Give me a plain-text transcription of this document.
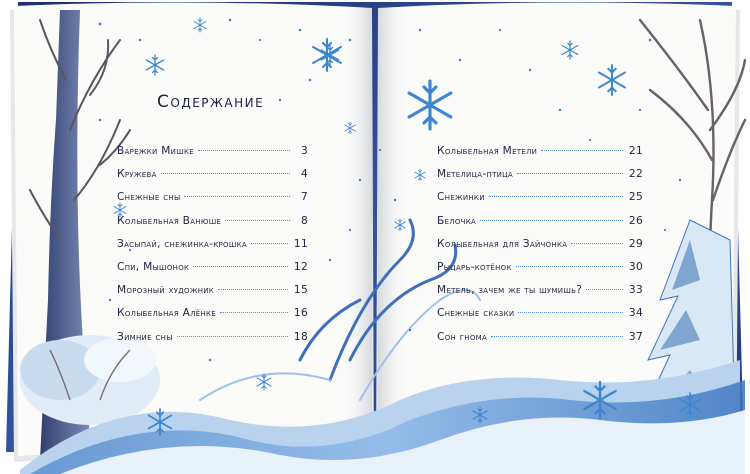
Содержание
Варежки Мишке	3
Кружева	4
Снежные сны	7
Колыбельная Ванюше	8
Засыпай, снежинка-крошка	11
Спи, Мышонок	12
Морозный художник	15
Колыбельная Алёнке	16
Зимние сны	18
Колыбельная Метели	21
Метелица-птица	22
Снежинки	25
Белочка	26
Колыбельная для Зайчонка	29
Рыцарь-котёнок	30
Метель, зачем же ты шумишь?	33
Снежные сказки	34
Сон гнома	37
